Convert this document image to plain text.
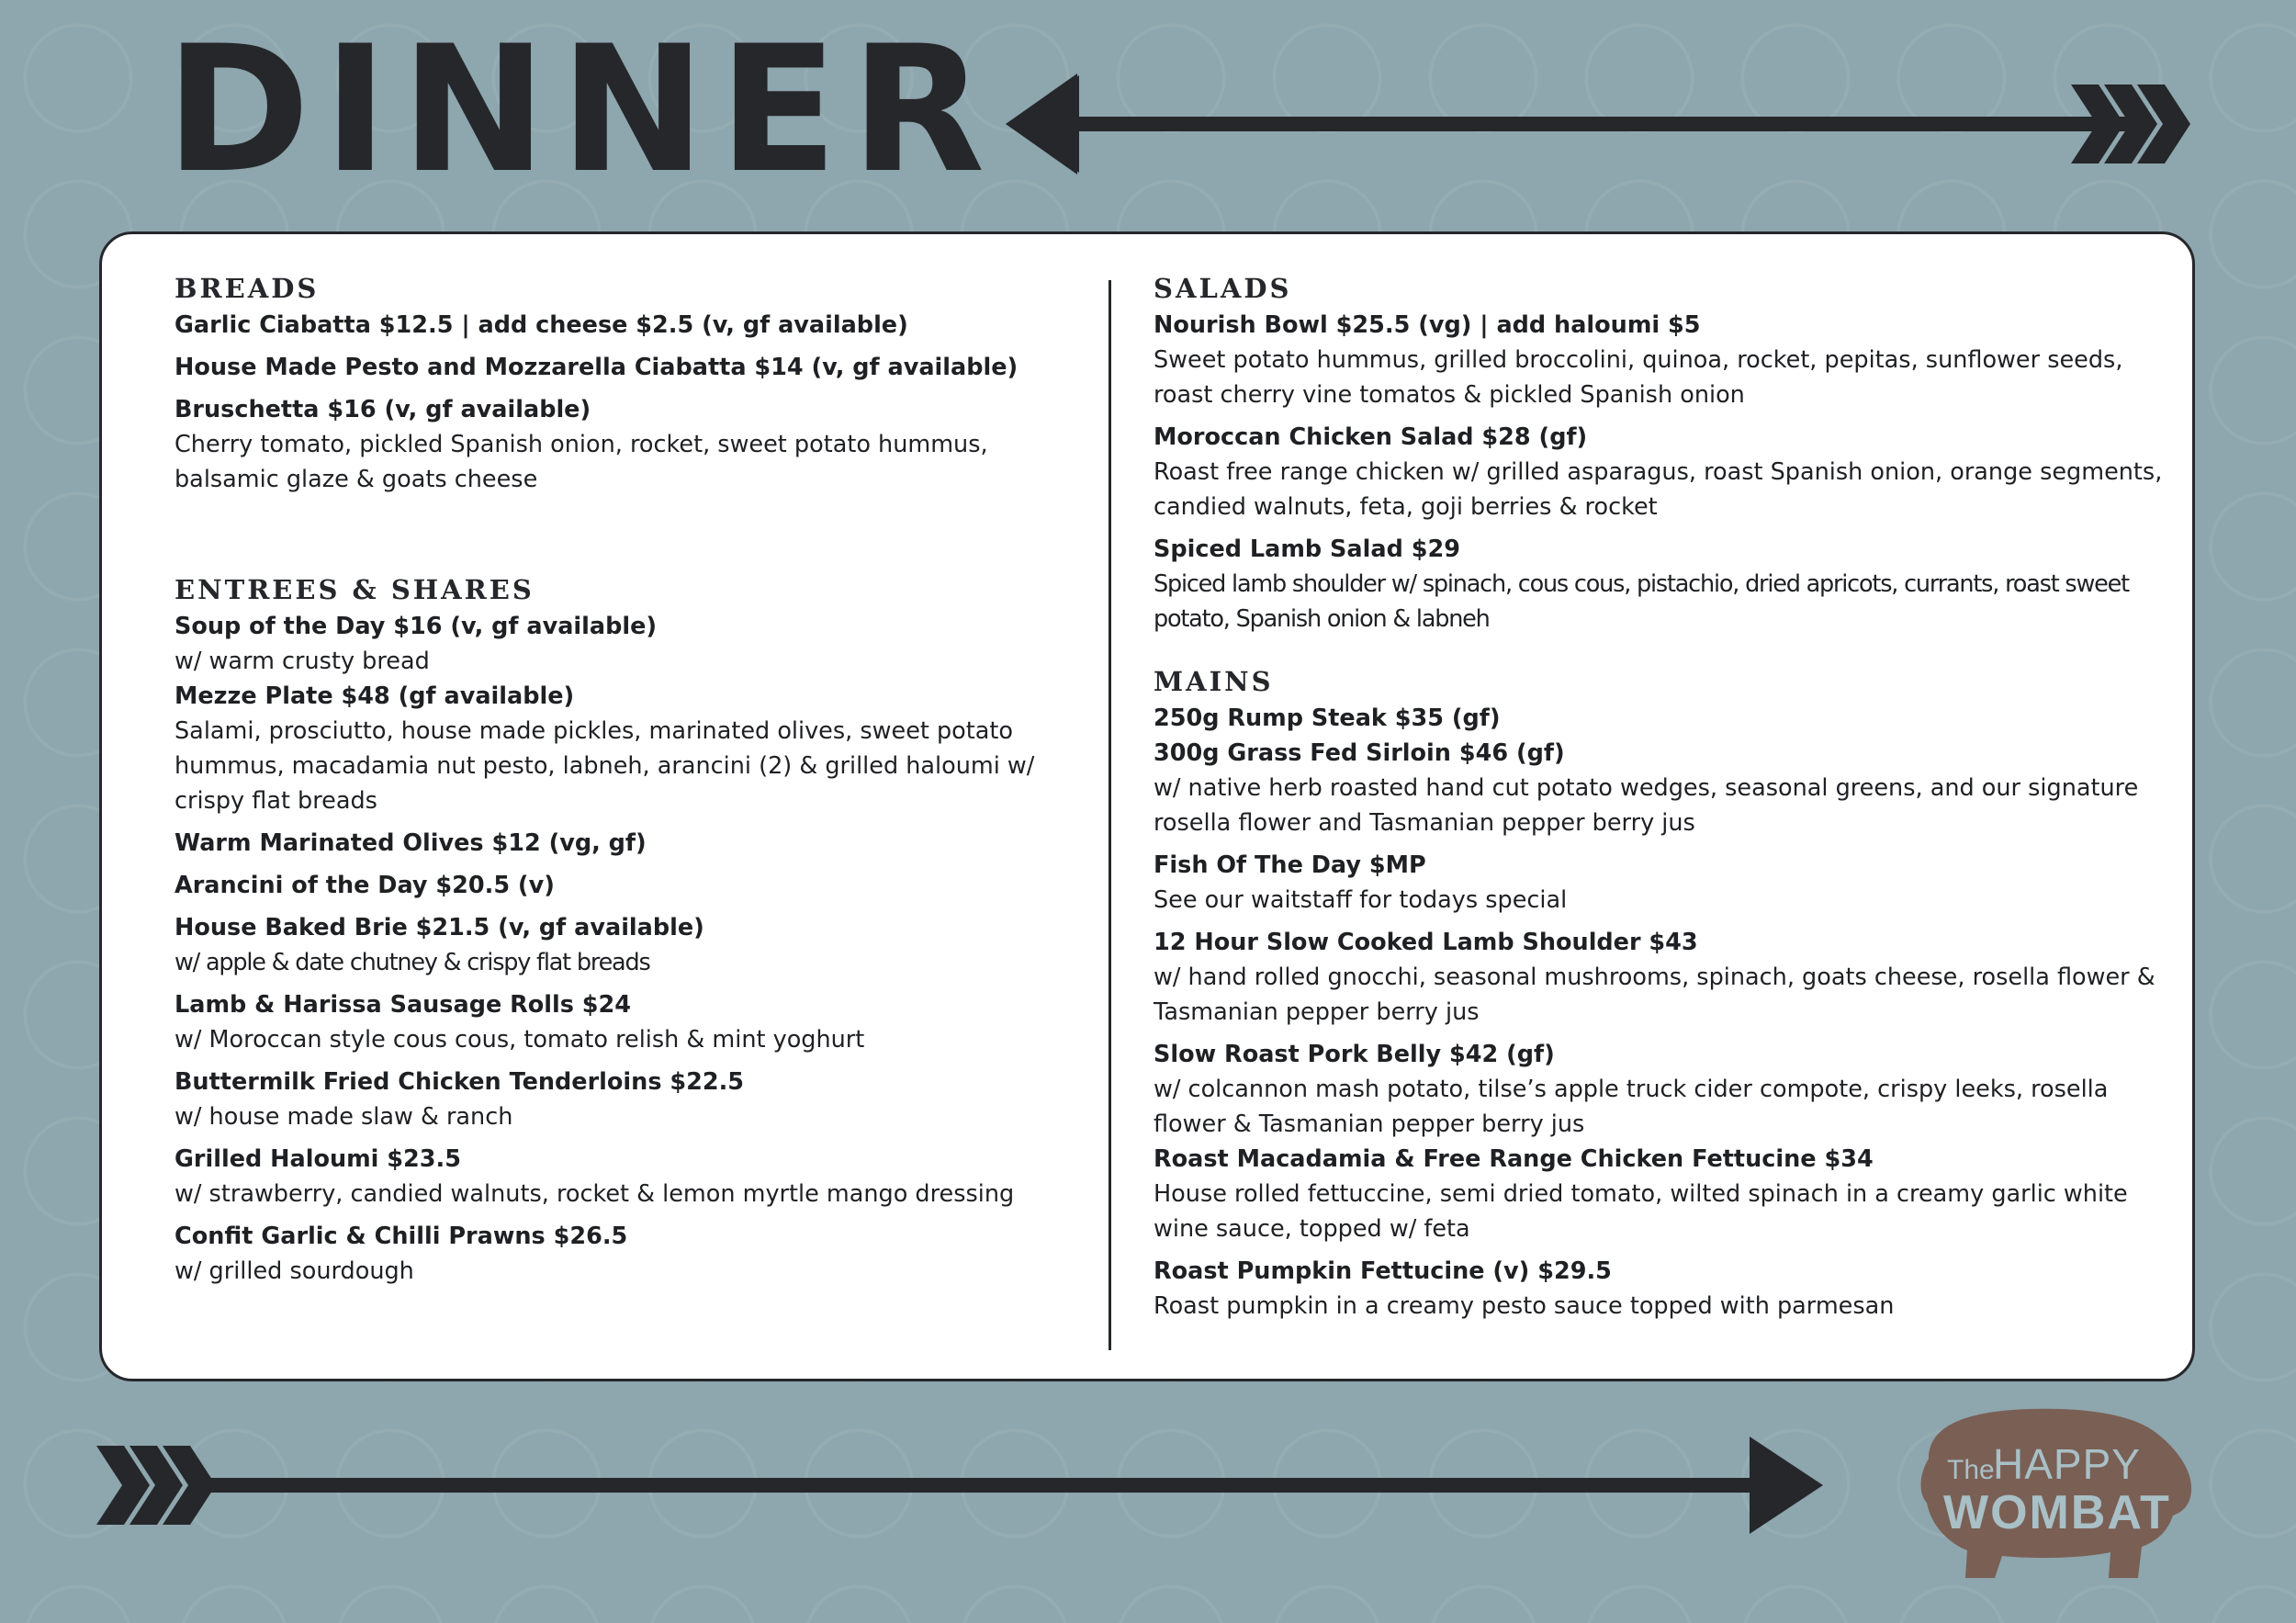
DINNER
BREADS
Garlic Ciabatta $12.5 | add cheese $2.5 (v, gf available)
House Made Pesto and Mozzarella Ciabatta $14 (v, gf available)
Bruschetta $16 (v, gf available)
Cherry tomato, pickled Spanish onion, rocket, sweet potato hummus, balsamic glaze & goats cheese
ENTREES & SHARES
Soup of the Day $16 (v, gf available)
w/ warm crusty bread
Mezze Plate $48 (gf available)
Salami, prosciutto, house made pickles, marinated olives, sweet potato hummus, macadamia nut pesto, labneh, arancini (2) & grilled haloumi w/ crispy flat breads
Warm Marinated Olives $12 (vg, gf)
Arancini of the Day $20.5 (v)
House Baked Brie $21.5 (v, gf available)
w/ apple & date chutney & crispy flat breads
Lamb & Harissa Sausage Rolls $24
w/ Moroccan style cous cous, tomato relish & mint yoghurt
Buttermilk Fried Chicken Tenderloins $22.5
w/ house made slaw & ranch
Grilled Haloumi $23.5
w/ strawberry, candied walnuts, rocket & lemon myrtle mango dressing
Confit Garlic & Chilli Prawns $26.5
w/ grilled sourdough
SALADS
Nourish Bowl $25.5 (vg) | add haloumi $5
Sweet potato hummus, grilled broccolini, quinoa, rocket, pepitas, sunflower seeds, roast cherry vine tomatos & pickled Spanish onion
Moroccan Chicken Salad $28 (gf)
Roast free range chicken w/ grilled asparagus, roast Spanish onion, orange segments, candied walnuts, feta, goji berries & rocket
Spiced Lamb Salad $29
Spiced lamb shoulder w/ spinach, cous cous, pistachio, dried apricots, currants, roast sweet potato, Spanish onion & labneh
MAINS
250g Rump Steak $35 (gf)
300g Grass Fed Sirloin $46 (gf)
w/ native herb roasted hand cut potato wedges, seasonal greens, and our signature rosella flower and Tasmanian pepper berry jus
Fish Of The Day $MP
See our waitstaff for todays special
12 Hour Slow Cooked Lamb Shoulder $43
w/ hand rolled gnocchi, seasonal mushrooms, spinach, goats cheese, rosella flower & Tasmanian pepper berry jus
Slow Roast Pork Belly $42 (gf)
w/ colcannon mash potato, tilse’s apple truck cider compote, crispy leeks, rosella flower & Tasmanian pepper berry jus
Roast Macadamia & Free Range Chicken Fettucine $34
House rolled fettuccine, semi dried tomato, wilted spinach in a creamy garlic white wine sauce, topped w/ feta
Roast Pumpkin Fettucine (v) $29.5
Roast pumpkin in a creamy pesto sauce topped with parmesan
The
HAPPY
WOMBAT
